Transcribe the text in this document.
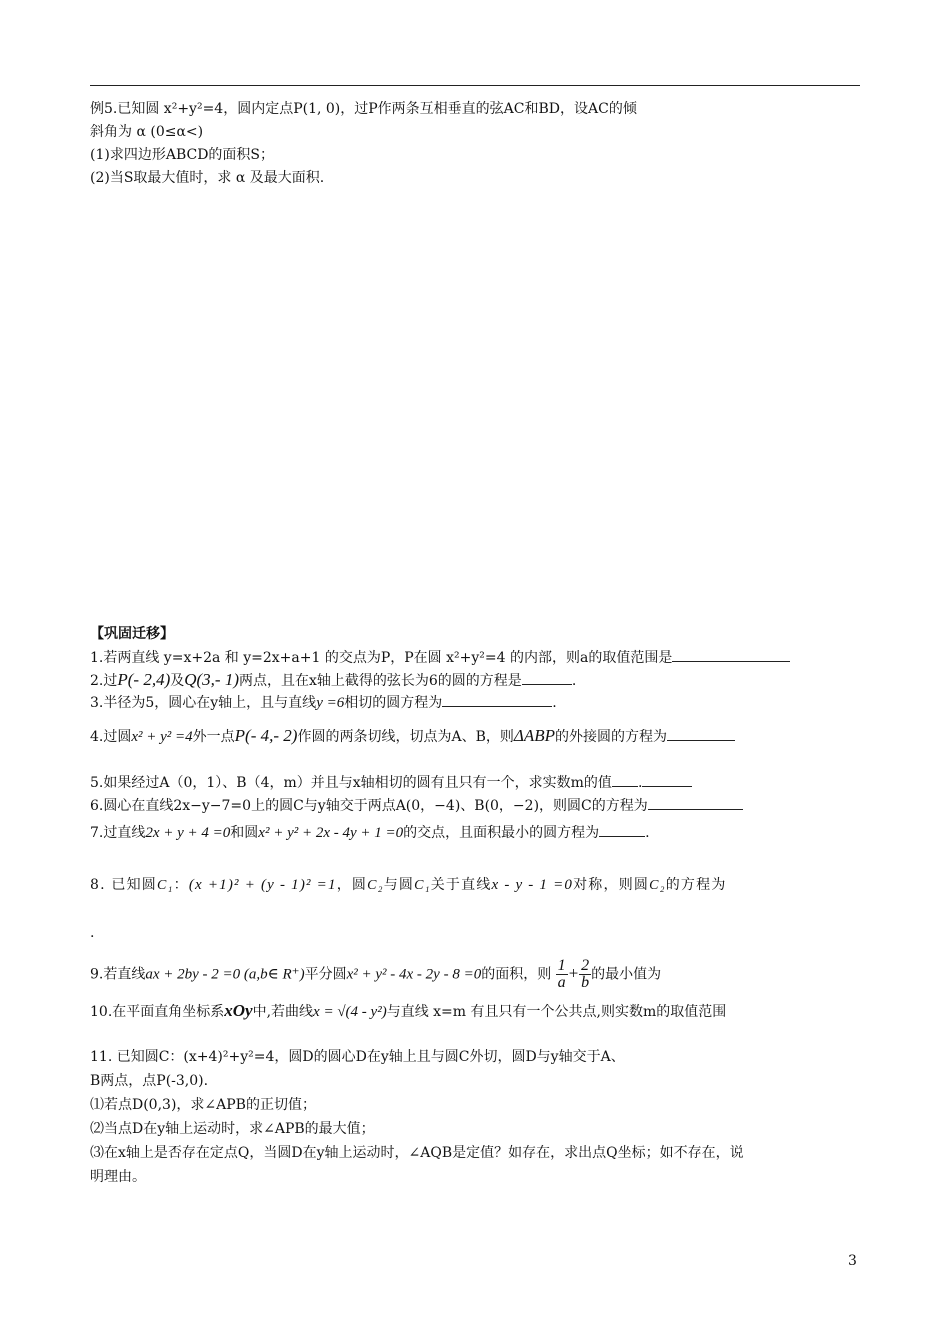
例5.已知圆 x²+y²=4，圆内定点P(1, 0)，过P作两条互相垂直的弦AC和BD，设AC的倾
斜角为 α (0≤α<)
(1)求四边形ABCD的面积S；
(2)当S取最大值时，求 α 及最大面积.
【巩固迁移】
1.若两直线 y=x+2a 和 y=2x+a+1 的交点为P，P在圆 x²+y²=4 的内部，则a的取值范围是
2.过P(- 2,4)及Q(3,- 1)两点，且在x轴上截得的弦长为6的圆的方程是	.
3.半径为5，圆心在y轴上，且与直线y =6相切的圆方程为	.
4.过圆x² + y² =4外一点P(- 4,- 2)作圆的两条切线，切点为A、B，则ΔABP的外接圆的方程为
5.如果经过A（0，1）、B（4，m）并且与x轴相切的圆有且只有一个，求实数m的值 .
6.圆心在直线2x−y−7=0上的圆C与y轴交于两点A(0，−4)、B(0，−2)，则圆C的方程为
7.过直线2x + y + 4 =0和圆x² + y² + 2x - 4y + 1 =0的交点，且面积最小的圆方程为	.
8. 已知圆C₁：(x +1)² + (y - 1)² =1，圆C₂与圆C₁关于直线x - y - 1 =0对称，则圆C₂的方程为
.
9.若直线ax + 2by - 2 =0 (a,b∈ R⁺)平分圆x² + y² - 4x - 2y - 8 =0的面积，则 $\frac{1}{a} + \frac{2}{b}$ 的最小值为
10.在平面直角坐标系xOy中,若曲线x = √(4 - y²)与直线 x=m 有且只有一个公共点,则实数m的取值范围
11. 已知圆C：(x+4)²+y²=4，圆D的圆心D在y轴上且与圆C外切，圆D与y轴交于A、
B两点，点P(-3,0).
⑴若点D(0,3)，求∠APB的正切值；
⑵当点D在y轴上运动时，求∠APB的最大值；
⑶在x轴上是否存在定点Q，当圆D在y轴上运动时，∠AQB是定值？如存在，求出点Q坐标；如不存在，说
明理由。
3
